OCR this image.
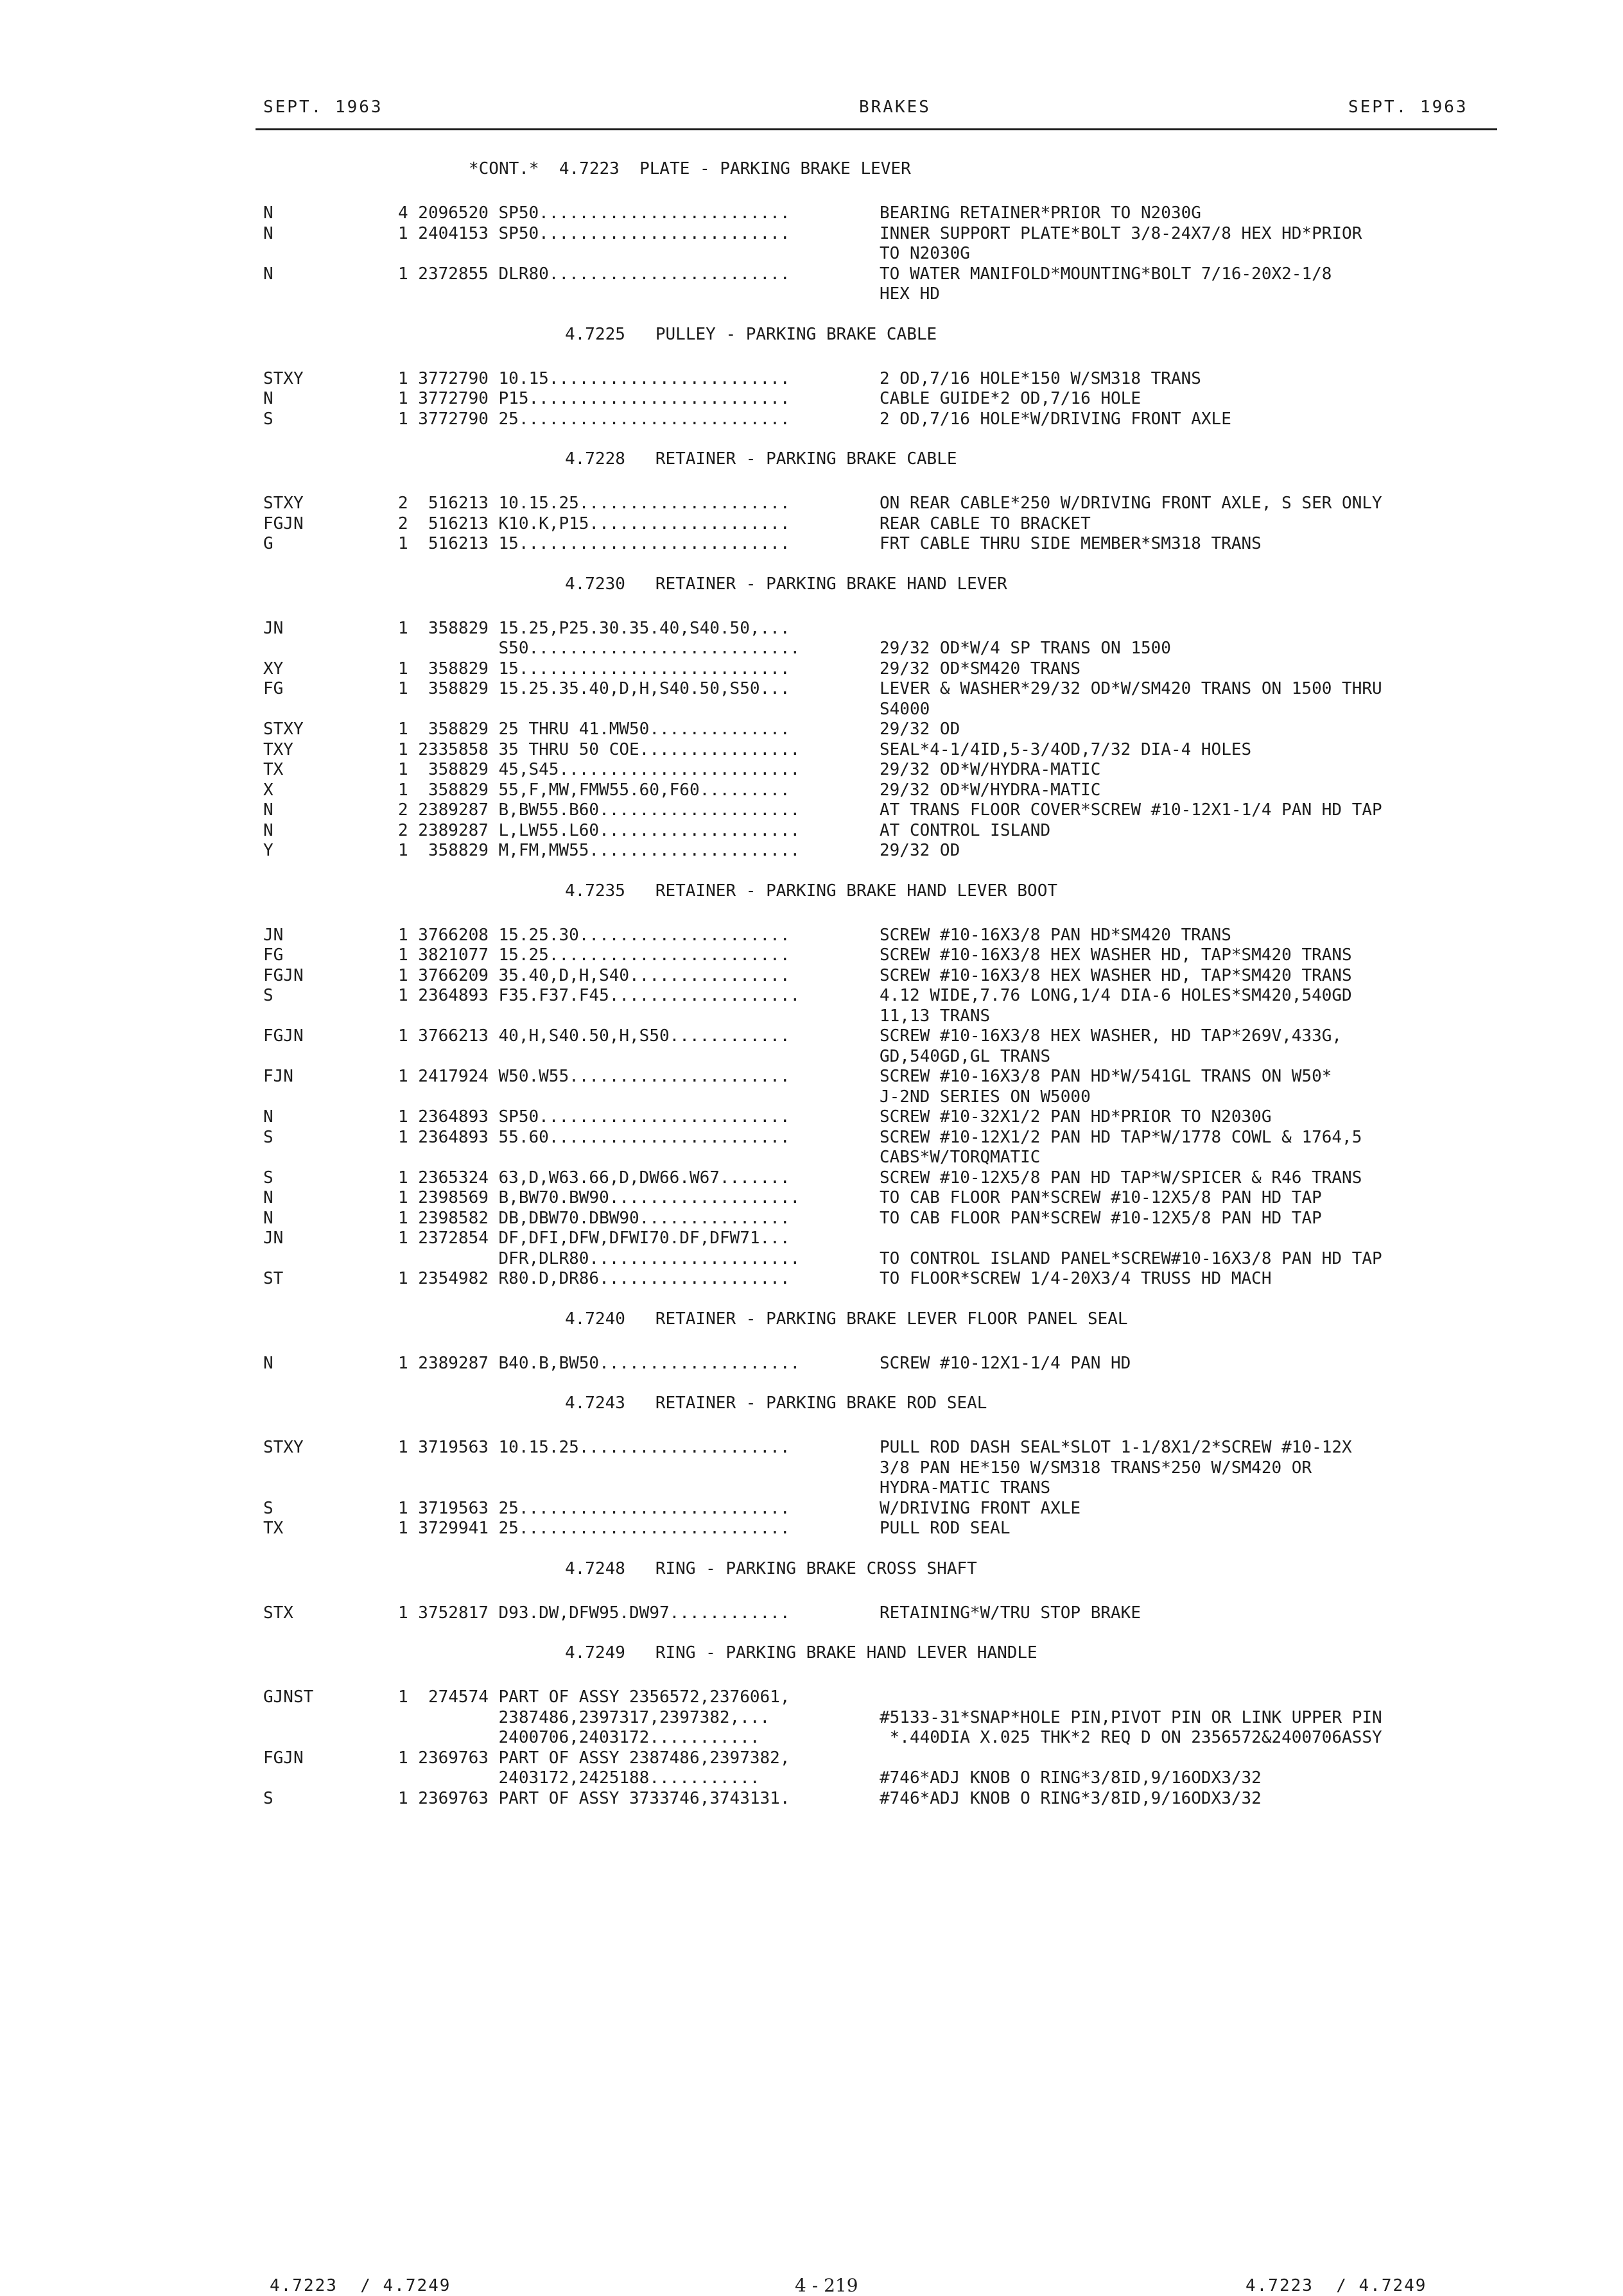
SEPT. 1963	BRAKES	SEPT. 1963
*CONT.*  4.7223  PLATE - PARKING BRAKE LEVER
N	4 2096520 SP50.........................	BEARING RETAINER*PRIOR TO N2030G
N	1 2404153 SP50.........................	INNER SUPPORT PLATE*BOLT 3/8-24X7/8 HEX HD*PRIOR
TO N2030G
N	1 2372855 DLR80........................	TO WATER MANIFOLD*MOUNTING*BOLT 7/16-20X2-1/8
HEX HD
4.7225   PULLEY - PARKING BRAKE CABLE
STXY	1 3772790 10.15........................	2 OD,7/16 HOLE*150 W/SM318 TRANS
N	1 3772790 P15..........................	CABLE GUIDE*2 OD,7/16 HOLE
S	1 3772790 25...........................	2 OD,7/16 HOLE*W/DRIVING FRONT AXLE
4.7228   RETAINER - PARKING BRAKE CABLE
STXY	2  516213 10.15.25.....................	ON REAR CABLE*250 W/DRIVING FRONT AXLE, S SER ONLY
FGJN	2  516213 K10.K,P15....................	REAR CABLE TO BRACKET
G	1  516213 15...........................	FRT CABLE THRU SIDE MEMBER*SM318 TRANS
4.7230   RETAINER - PARKING BRAKE HAND LEVER
JN	1  358829 15.25,P25.30.35.40,S40.50,...
S50...........................	29/32 OD*W/4 SP TRANS ON 1500
XY	1  358829 15...........................	29/32 OD*SM420 TRANS
FG	1  358829 15.25.35.40,D,H,S40.50,S50...	LEVER & WASHER*29/32 OD*W/SM420 TRANS ON 1500 THRU
S4000
STXY	1  358829 25 THRU 41.MW50..............	29/32 OD
TXY	1 2335858 35 THRU 50 COE................	SEAL*4-1/4ID,5-3/4OD,7/32 DIA-4 HOLES
TX	1  358829 45,S45........................	29/32 OD*W/HYDRA-MATIC
X	1  358829 55,F,MW,FMW55.60,F60.........	29/32 OD*W/HYDRA-MATIC
N	2 2389287 B,BW55.B60....................	AT TRANS FLOOR COVER*SCREW #10-12X1-1/4 PAN HD TAP
N	2 2389287 L,LW55.L60....................	AT CONTROL ISLAND
Y	1  358829 M,FM,MW55.....................	29/32 OD
4.7235   RETAINER - PARKING BRAKE HAND LEVER BOOT
JN	1 3766208 15.25.30.....................	SCREW #10-16X3/8 PAN HD*SM420 TRANS
FG	1 3821077 15.25........................	SCREW #10-16X3/8 HEX WASHER HD, TAP*SM420 TRANS
FGJN	1 3766209 35.40,D,H,S40................	SCREW #10-16X3/8 HEX WASHER HD, TAP*SM420 TRANS
S	1 2364893 F35.F37.F45...................	4.12 WIDE,7.76 LONG,1/4 DIA-6 HOLES*SM420,540GD
11,13 TRANS
FGJN	1 3766213 40,H,S40.50,H,S50............	SCREW #10-16X3/8 HEX WASHER, HD TAP*269V,433G,
GD,540GD,GL TRANS
FJN	1 2417924 W50.W55......................	SCREW #10-16X3/8 PAN HD*W/541GL TRANS ON W50*
J-2ND SERIES ON W5000
N	1 2364893 SP50.........................	SCREW #10-32X1/2 PAN HD*PRIOR TO N2030G
S	1 2364893 55.60........................	SCREW #10-12X1/2 PAN HD TAP*W/1778 COWL & 1764,5
CABS*W/TORQMATIC
S	1 2365324 63,D,W63.66,D,DW66.W67.......	SCREW #10-12X5/8 PAN HD TAP*W/SPICER & R46 TRANS
N	1 2398569 B,BW70.BW90...................	TO CAB FLOOR PAN*SCREW #10-12X5/8 PAN HD TAP
N	1 2398582 DB,DBW70.DBW90...............	TO CAB FLOOR PAN*SCREW #10-12X5/8 PAN HD TAP
JN	1 2372854 DF,DFI,DFW,DFWI70.DF,DFW71...
DFR,DLR80.....................	TO CONTROL ISLAND PANEL*SCREW#10-16X3/8 PAN HD TAP
ST	1 2354982 R80.D,DR86...................	TO FLOOR*SCREW 1/4-20X3/4 TRUSS HD MACH
4.7240   RETAINER - PARKING BRAKE LEVER FLOOR PANEL SEAL
N	1 2389287 B40.B,BW50....................	SCREW #10-12X1-1/4 PAN HD
4.7243   RETAINER - PARKING BRAKE ROD SEAL
STXY	1 3719563 10.15.25.....................	PULL ROD DASH SEAL*SLOT 1-1/8X1/2*SCREW #10-12X
3/8 PAN HE*150 W/SM318 TRANS*250 W/SM420 OR
HYDRA-MATIC TRANS
S	1 3719563 25...........................	W/DRIVING FRONT AXLE
TX	1 3729941 25...........................	PULL ROD SEAL
4.7248   RING - PARKING BRAKE CROSS SHAFT
STX	1 3752817 D93.DW,DFW95.DW97............	RETAINING*W/TRU STOP BRAKE
4.7249   RING - PARKING BRAKE HAND LEVER HANDLE
GJNST	1  274574 PART OF ASSY 2356572,2376061,
2387486,2397317,2397382,...	#5133-31*SNAP*HOLE PIN,PIVOT PIN OR LINK UPPER PIN
2400706,2403172...........	*.440DIA X.025 THK*2 REQ D ON 2356572&2400706ASSY
FGJN	1 2369763 PART OF ASSY 2387486,2397382,
2403172,2425188...........	#746*ADJ KNOB O RING*3/8ID,9/16ODX3/32
S	1 2369763 PART OF ASSY 3733746,3743131.	#746*ADJ KNOB O RING*3/8ID,9/16ODX3/32
4.7223  / 4.7249	4 - 219	4.7223  / 4.7249
